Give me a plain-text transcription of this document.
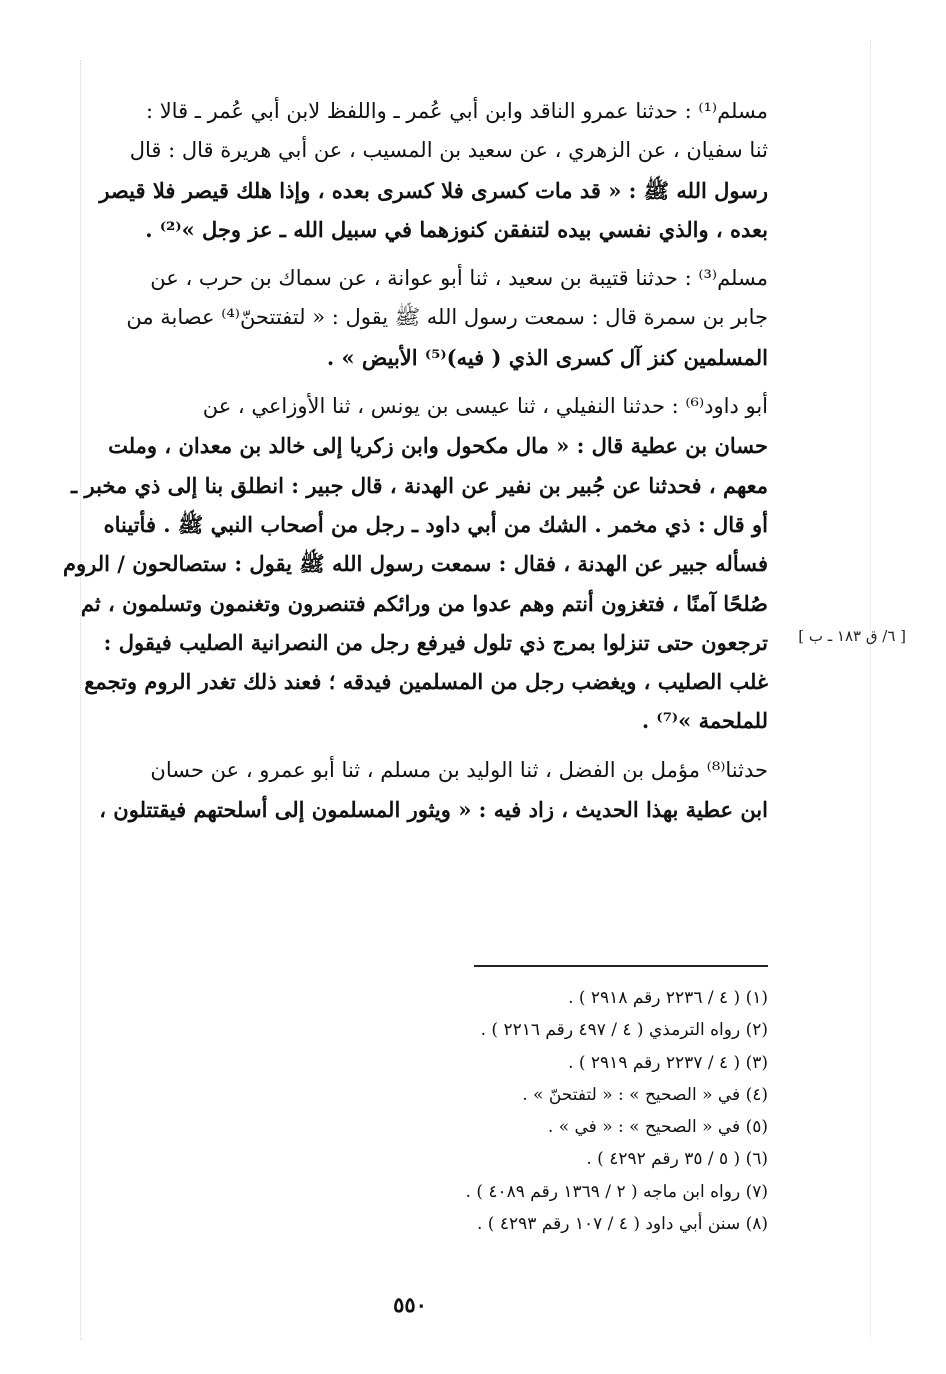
مسلم⁽¹⁾ : حدثنا عمرو الناقد وابن أبي عُمر ـ واللفظ لابن أبي عُمر ـ قالا :

ثنا سفيان ، عن الزهري ، عن سعيد بن المسيب ، عن أبي هريرة قال : قال

رسول الله ﷺ : « قد مات كسرى فلا كسرى بعده ، وإذا هلك قيصر فلا قيصر

بعده ، والذي نفسي بيده لتنفقن كنوزهما في سبيل الله ـ عز وجل »⁽²⁾ .

مسلم⁽³⁾ : حدثنا قتيبة بن سعيد ، ثنا أبو عوانة ، عن سماك بن حرب ، عن

جابر بن سمرة قال : سمعت رسول الله ﷺ يقول : « لتفتتحنّ⁽⁴⁾ عصابة من

المسلمين كنز آل كسرى الذي ( فيه)⁽⁵⁾ الأبيض » .

أبو داود⁽⁶⁾ : حدثنا النفيلي ، ثنا عيسى بن يونس ، ثنا الأوزاعي ، عن

حسان بن عطية قال : « مال مكحول وابن زكريا إلى خالد بن معدان ، وملت

معهم ، فحدثنا عن جُبير بن نفير عن الهدنة ، قال جبير : انطلق بنا إلى ذي مخبر ـ

أو قال : ذي مخمر . الشك من أبي داود ـ رجل من أصحاب النبي ﷺ . فأتيناه

فسأله جبير عن الهدنة ، فقال : سمعت رسول الله ﷺ يقول : ستصالحون / الروم

صُلحًا آمنًا ، فتغزون أنتم وهم عدوا من ورائكم فتنصرون وتغنمون وتسلمون ، ثم

ترجعون حتى تنزلوا بمرج ذي تلول فيرفع رجل من النصرانية الصليب فيقول :

غلب الصليب ، ويغضب رجل من المسلمين فيدقه ؛ فعند ذلك تغدر الروم وتجمع

للملحمة »⁽⁷⁾ .

حدثنا⁽⁸⁾ مؤمل بن الفضل ، ثنا الوليد بن مسلم ، ثنا أبو عمرو ، عن حسان

ابن عطية بهذا الحديث ، زاد فيه : « ويثور المسلمون إلى أسلحتهم فيقتتلون ،

[ ٦/ ق ١٨٣ ـ ب ]
(١) ( ٤ / ٢٢٣٦ رقم ٢٩١٨ ) .
(٢) رواه الترمذي ( ٤ / ٤٩٧ رقم ٢٢١٦ ) .
(٣) ( ٤ / ٢٢٣٧ رقم ٢٩١٩ ) .
(٤) في « الصحيح » : « لتفتحنّ » .
(٥) في « الصحيح » : « في » .
(٦) ( ٥ / ٣٥ رقم ٤٢٩٢ ) .
(٧) رواه ابن ماجه ( ٢ / ١٣٦٩ رقم ٤٠٨٩ ) .
(٨) سنن أبي داود ( ٤ / ١٠٧ رقم ٤٢٩٣ ) .
٥٥٠
